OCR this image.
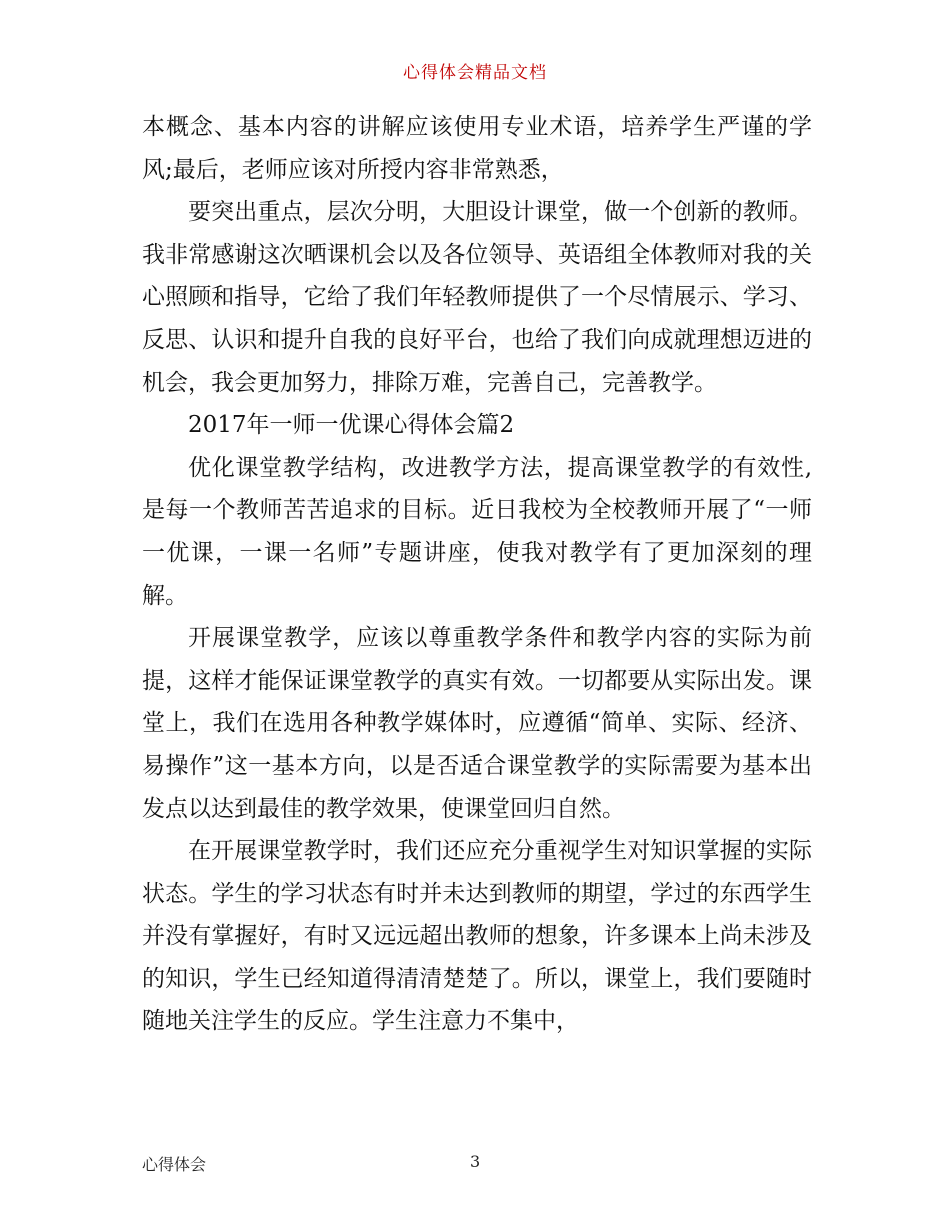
心得体会精品文档

本概念、基本内容的讲解应该使用专业术语，培养学生严谨的学风;最后，老师应该对所授内容非常熟悉，

要突出重点，层次分明，大胆设计课堂，做一个创新的教师。 我非常感谢这次晒课机会以及各位领导、英语组全体教师对我的关心照顾和指导，它给了我们年轻教师提供了一个尽情展示、学习、反思、认识和提升自我的良好平台，也给了我们向成就理想迈进的机会，我会更加努力，排除万难，完善自己，完善教学。

2017年一师一优课心得体会篇2

优化课堂教学结构，改进教学方法，提高课堂教学的有效性,是每一个教师苦苦追求的目标。近日我校为全校教师开展了“一师一优课，一课一名师”专题讲座，使我对教学有了更加深刻的理解。

开展课堂教学，应该以尊重教学条件和教学内容的实际为前提，这样才能保证课堂教学的真实有效。一切都要从实际出发。课堂上，我们在选用各种教学媒体时，应遵循“简单、实际、经济、易操作”这一基本方向，以是否适合课堂教学的实际需要为基本出发点以达到最佳的教学效果，使课堂回归自然。

在开展课堂教学时，我们还应充分重视学生对知识掌握的实际状态。学生的学习状态有时并未达到教师的期望，学过的东西学生并没有掌握好，有时又远远超出教师的想象，许多课本上尚未涉及的知识，学生已经知道得清清楚楚了。所以，课堂上，我们要随时随地关注学生的反应。学生注意力不集中，

心得体会	3
